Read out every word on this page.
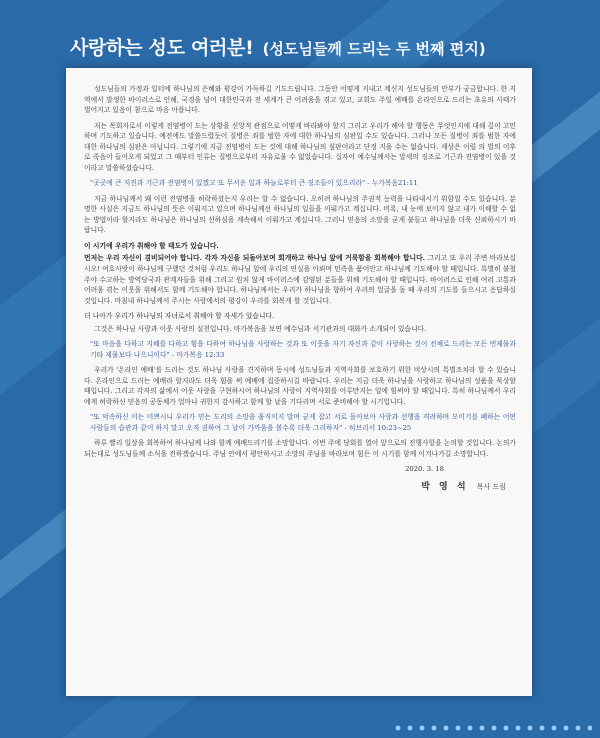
사랑하는 성도 여러분! (성도님들께 드리는 두 번째 편지)

성도님들의 가정과 일터에 하나님의 은혜와 평강이 가득하길 기도드립니다. 그동안 어떻게 지내고 계신지 성도님들의 안부가 궁금합니다. 한 지역에서 발생한 바이러스로 인해, 국경을 넘어 대한민국과 전 세계가 큰 어려움을 겪고 있고, 교회도 주일 예배를 온라인으로 드리는 초유의 사태가 벌어지고 있음이 참으로 마음 아픕니다.

저는 목회자로서 이렇게 전염병이 도는 상황을 신앙적 관점으로 어떻게 바라봐야 할지 그리고 우리가 해야 할 행동은 무엇인지에 대해 깊이 고민하며 기도하고 있습니다. 예전에도 말씀드렸듯이 질병은 죄를 범한 자에 대한 하나님의 심판일 수도 있습니다. 그러나 모든 질병이 죄를 범한 자에 대한 하나님의 심판은 아닙니다. 그렇기에 지금 전염병이 도는 것에 대해 하나님의 심판이라고 단정 지을 수는 없습니다. 세상은 이럴 의 벌의 이후로 죽음이 들어오게 되었고 그 때부터 인류는 질병으로부터 자유로울 수 없었습니다. 십자어 예수님께서는 말세의 징조로 기근과 전염병이 있을 것이라고 말씀하셨습니다.

"곳곳에 큰 지진과 기근과 전염병이 있겠고 또 무서운 일과 하늘로부터 큰 징조들이 있으리라" - 누가복음21:11

지금 하나님께서 왜 이런 전염병을 허락하셨는지 우리는 알 수 없습니다. 오히려 하나님의 주권적 능력을 나타내시기 위함일 수도 있습니다. 분명한 사실은 지금도 하나님의 뜻은 이뤄지고 있으며 하나님께선 하나님의 일들을 이뤄가고 계십니다. 비록, 내 눈에 보이지 않고 내가 이해할 수 없는 방법이라 할지라도 하나님은 하나님의 선하심을 계속해서 이뤄가고 계십니다. 그러니 믿음의 소망을 굳게 붙들고 하나님을 더욱 신뢰하시기 바랍니다.

이 시기에 우리가 취해야 할 태도가 있습니다.

먼저는 우리 자신이 겸비되어야 합니다. 각자 자신을 되돌아보며 회개하고 하나님 앞에 거룩함을 회복해야 합니다. 그리고 또 우리 주변 바라보십시오! 여호사밧이 하나님께 구했던 것처럼 우리도 하나님 앞에 우리의 연실을 아뢰며 민족을 품어안고 하나님께 기도해야 할 때입니다. 특별히 불철주야 수고하는 방역당국과 관계자들을 위해 그리고 원치 않게 바이러스에 감염된 분들을 위해 기도해야 할 때입니다. 바이러스로 인해 여러 고통과 어려움 겪는 이웃을 위해서도 함께 기도해야 합니다. 하나님께서는 우리가 하나님을 향하여 우리의 얼굴을 돌 때 우리의 기도를 들으시고 응답하실 것입니다. 마침내 하나님께서 주시는 사랑에서의 평강이 우리를 회복게 할 것입니다.

더 나아가 우리가 하나님의 자녀로서 취해야 할 자세가 있습니다.

그것은 하나님 사랑과 이웃 사랑의 실천입니다. 마가복음을 보면 예수님과 서기관과의 대화가 소개되어 있습니다.

"또 마음을 다하고 지혜를 다하고 힘을 다하여 하나님을 사랑하는 것과 또 이웃을 자기 자신과 같이 사랑하는 것이 전체로 드리는 모든 번제물과 기타 제물보다 나으니이다" - 마가복음 12:33

우리가 '온라인 예배'를 드리는 것도 하나님 사랑을 견지하며 동시에 성도님들과 지역사회를 보호하기 위한 비상시의 특별조치라 할 수 있습니다. 온라인으로 드리는 예배라 할지라도 더욱 힘을 써 예배에 집중하시길 바랍니다. 우리는 지금 더욱 하나님을 사랑하고 하나님의 성품을 묵상할 때입니다. 그리고 각자의 삶에서 이웃 사랑을 구현하시어 하나님의 사랑이 지역사회를 어루만지는 일에 힘써야 할 때입니다. 특히 하나님께서 우리에게 허락하신 믿음의 공동체가 얼마나 귀한지 감사하고 함께 할 날을 기다리며 서로 준비해야 할 시기입니다.

"또 악속하신 이는 미쁘시니 우리가 믿는 도리의 소망을 움직이지 말며 굳게 잡고 서로 돌아보아 사랑과 선행을 격려하며 모이기를 폐하는 어떤 사람들의 습관과 같이 하지 말고 오직 권하여 그 날이 가까움을 볼수록 더욱 그리하자" - 히브리서 10:23~25

하루 빨리 일상을 회복하여 하나님께 나와 함께 예배드리기를 소망합니다. 이번 주에 당회를 열어 앞으로의 진행사항을 논의할 것입니다. 논의가 되는대로 성도님들께 소식을 전하겠습니다. 주님 안에서 평안하시고 소망의 주님을 바라보며 힘든 이 시기를 함께 이겨나가길 소망합니다.

2020. 3. 18
박 영 석 목사 드림
